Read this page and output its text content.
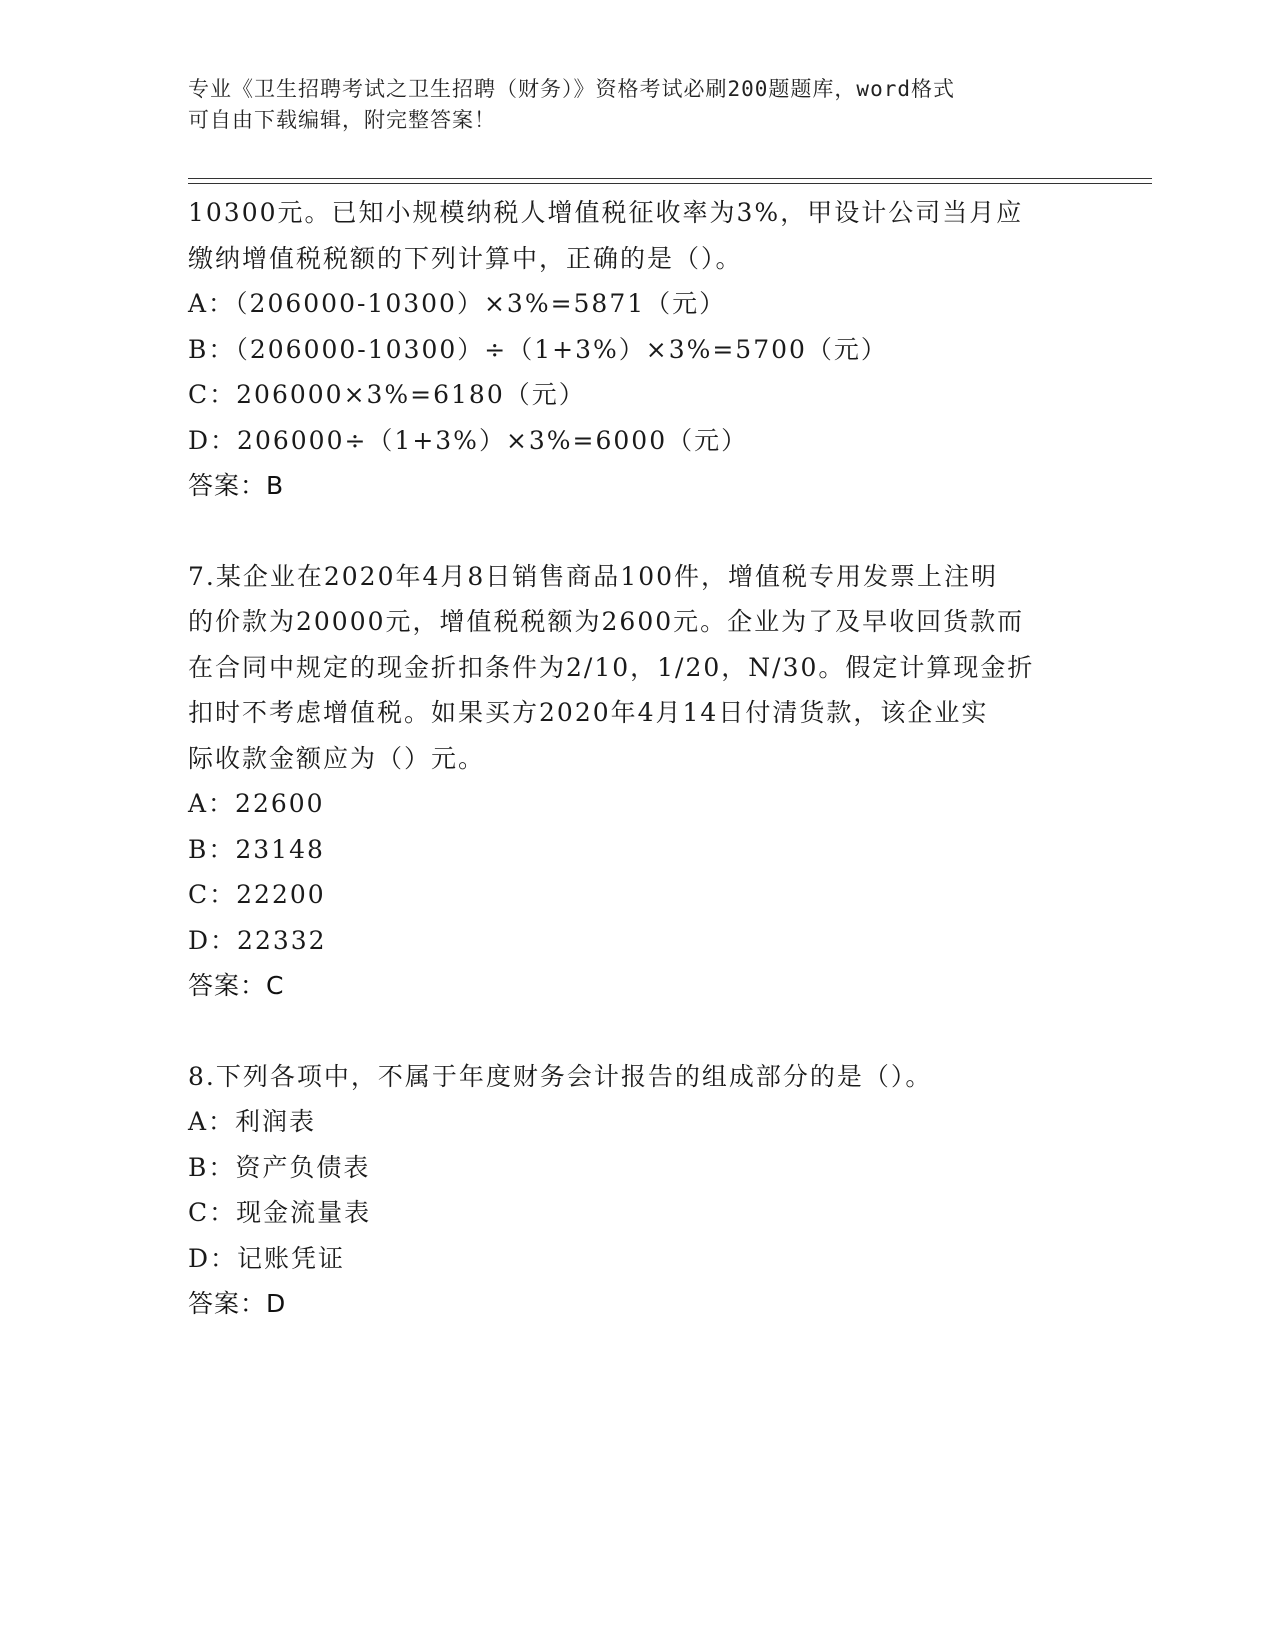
专业《卫生招聘考试之卫生招聘（财务）》资格考试必刷200题题库，word格式
可自由下载编辑，附完整答案！
10300元。已知小规模纳税人增值税征收率为3%，甲设计公司当月应
缴纳增值税税额的下列计算中，正确的是（）。
A：（206000-10300）×3%=5871（元）
B：（206000-10300）÷（1+3%）×3%=5700（元）
C：206000×3%=6180（元）
D：206000÷（1+3%）×3%=6000（元）
答案：B
7.某企业在2020年4月8日销售商品100件，增值税专用发票上注明
的价款为20000元，增值税税额为2600元。企业为了及早收回货款而
在合同中规定的现金折扣条件为2/10，1/20，N/30。假定计算现金折
扣时不考虑增值税。如果买方2020年4月14日付清货款，该企业实
际收款金额应为（）元。
A：22600
B：23148
C：22200
D：22332
答案：C
8.下列各项中，不属于年度财务会计报告的组成部分的是（）。
A：利润表
B：资产负债表
C：现金流量表
D：记账凭证
答案：D
